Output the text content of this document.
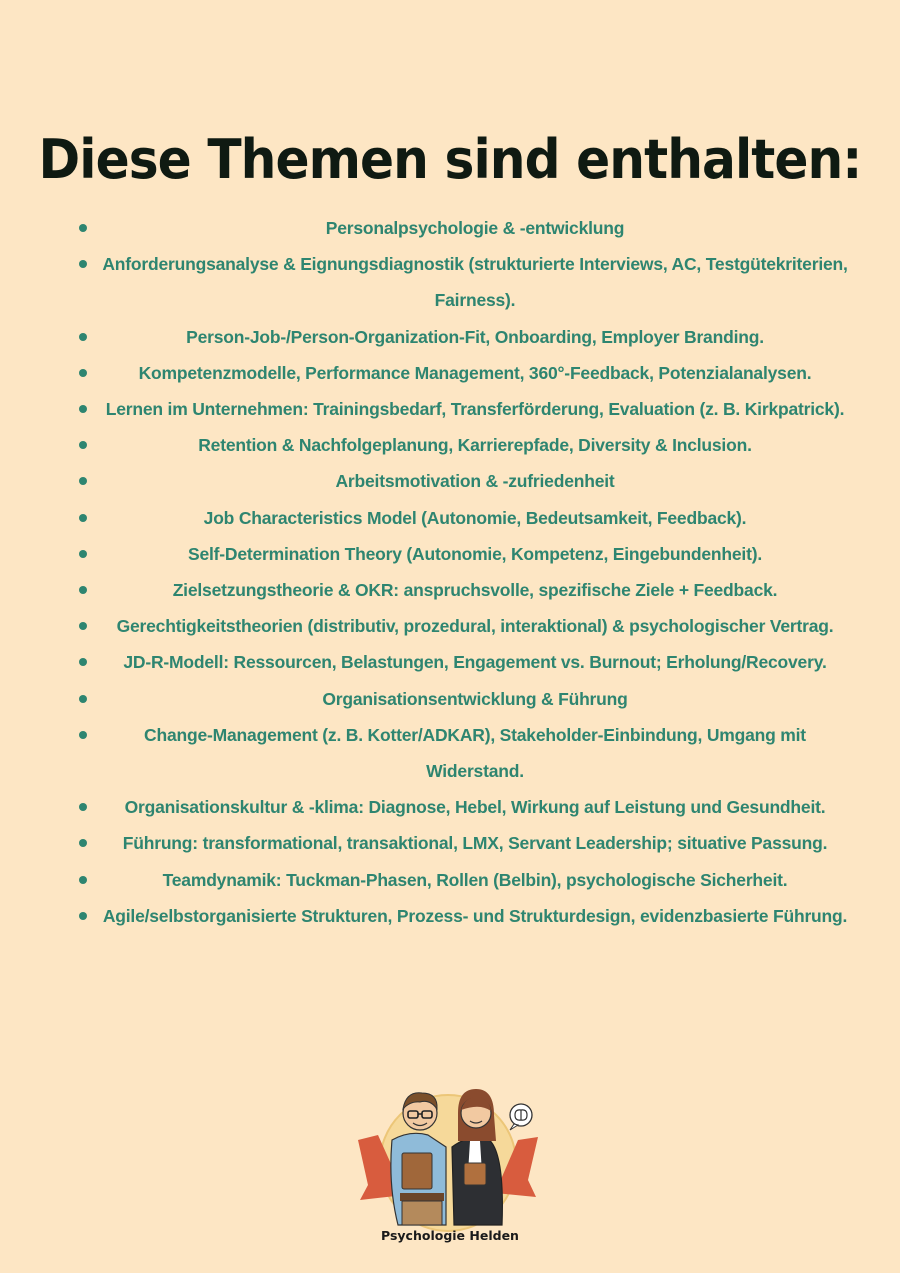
Diese Themen sind enthalten:
Personalpsychologie & -entwicklung
Anforderungsanalyse & Eignungsdiagnostik (strukturierte Interviews, AC, Testgütekriterien, Fairness).
Person-Job-/Person-Organization-Fit, Onboarding, Employer Branding.
Kompetenzmodelle, Performance Management, 360°-Feedback, Potenzialanalysen.
Lernen im Unternehmen: Trainingsbedarf, Transferförderung, Evaluation (z. B. Kirkpatrick).
Retention & Nachfolgeplanung, Karrierepfade, Diversity & Inclusion.
Arbeitsmotivation & -zufriedenheit
Job Characteristics Model (Autonomie, Bedeutsamkeit, Feedback).
Self-Determination Theory (Autonomie, Kompetenz, Eingebundenheit).
Zielsetzungstheorie & OKR: anspruchsvolle, spezifische Ziele + Feedback.
Gerechtigkeitstheorien (distributiv, prozedural, interaktional) & psychologischer Vertrag.
JD-R-Modell: Ressourcen, Belastungen, Engagement vs. Burnout; Erholung/Recovery.
Organisationsentwicklung & Führung
Change-Management (z. B. Kotter/ADKAR), Stakeholder-Einbindung, Umgang mit Widerstand.
Organisationskultur & -klima: Diagnose, Hebel, Wirkung auf Leistung und Gesundheit.
Führung: transformational, transaktional, LMX, Servant Leadership; situative Passung.
Teamdynamik: Tuckman-Phasen, Rollen (Belbin), psychologische Sicherheit.
Agile/selbstorganisierte Strukturen, Prozess- und Strukturdesign, evidenzbasierte Führung.
Psychologie Helden
